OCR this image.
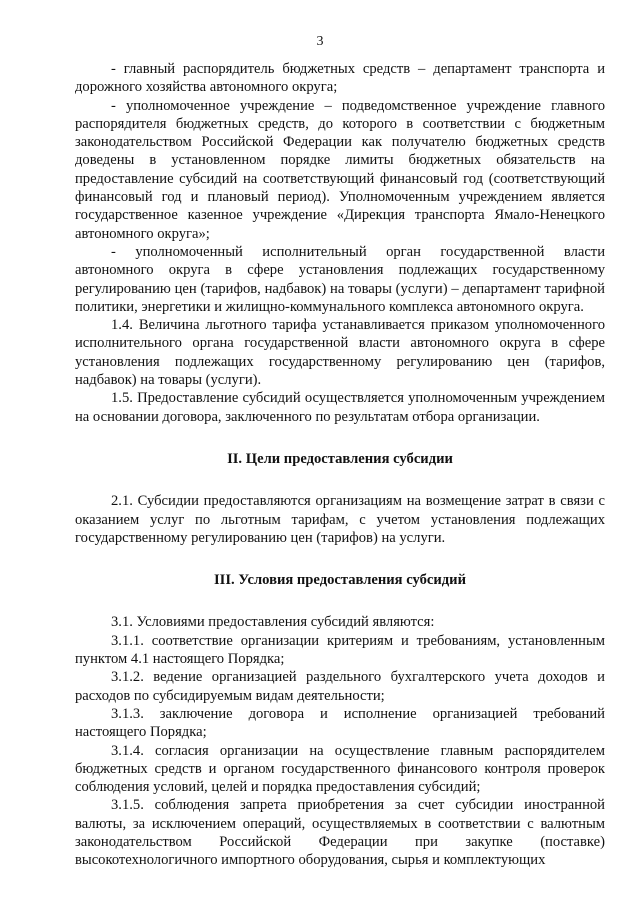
3

- главный распорядитель бюджетных средств – департамент транспорта и дорожного хозяйства автономного округа;

- уполномоченное учреждение – подведомственное учреждение главного распорядителя бюджетных средств, до которого в соответствии с бюджетным законодательством Российской Федерации как получателю бюджетных средств доведены в установленном порядке лимиты бюджетных обязательств на предоставление субсидий на соответствующий финансовый год (соответствующий финансовый год и плановый период). Уполномоченным учреждением является государственное казенное учреждение «Дирекция транспорта Ямало-Ненецкого автономного округа»;

- уполномоченный исполнительный орган государственной власти автономного округа в сфере установления подлежащих государственному регулированию цен (тарифов, надбавок) на товары (услуги) – департамент тарифной политики, энергетики и жилищно-коммунального комплекса автономного округа.

1.4. Величина льготного тарифа устанавливается приказом уполномоченного исполнительного органа государственной власти автономного округа в сфере установления подлежащих государственному регулированию цен (тарифов, надбавок) на товары (услуги).

1.5. Предоставление субсидий осуществляется уполномоченным учреждением на основании договора, заключенного по результатам отбора организации.

II. Цели предоставления субсидии

2.1. Субсидии предоставляются организациям на возмещение затрат в связи с оказанием услуг по льготным тарифам, с учетом установления подлежащих государственному регулированию цен (тарифов) на услуги.

III. Условия предоставления субсидий

3.1. Условиями предоставления субсидий являются:

3.1.1. соответствие организации критериям и требованиям, установленным пунктом 4.1 настоящего Порядка;

3.1.2. ведение организацией раздельного бухгалтерского учета доходов и расходов по субсидируемым видам деятельности;

3.1.3. заключение договора и исполнение организацией требований настоящего Порядка;

3.1.4. согласия организации на осуществление главным распорядителем бюджетных средств и органом государственного финансового контроля проверок соблюдения условий, целей и порядка предоставления субсидий;

3.1.5. соблюдения запрета приобретения за счет субсидии иностранной валюты, за исключением операций, осуществляемых в соответствии с валютным законодательством Российской Федерации при закупке (поставке) высокотехнологичного импортного оборудования, сырья и комплектующих
